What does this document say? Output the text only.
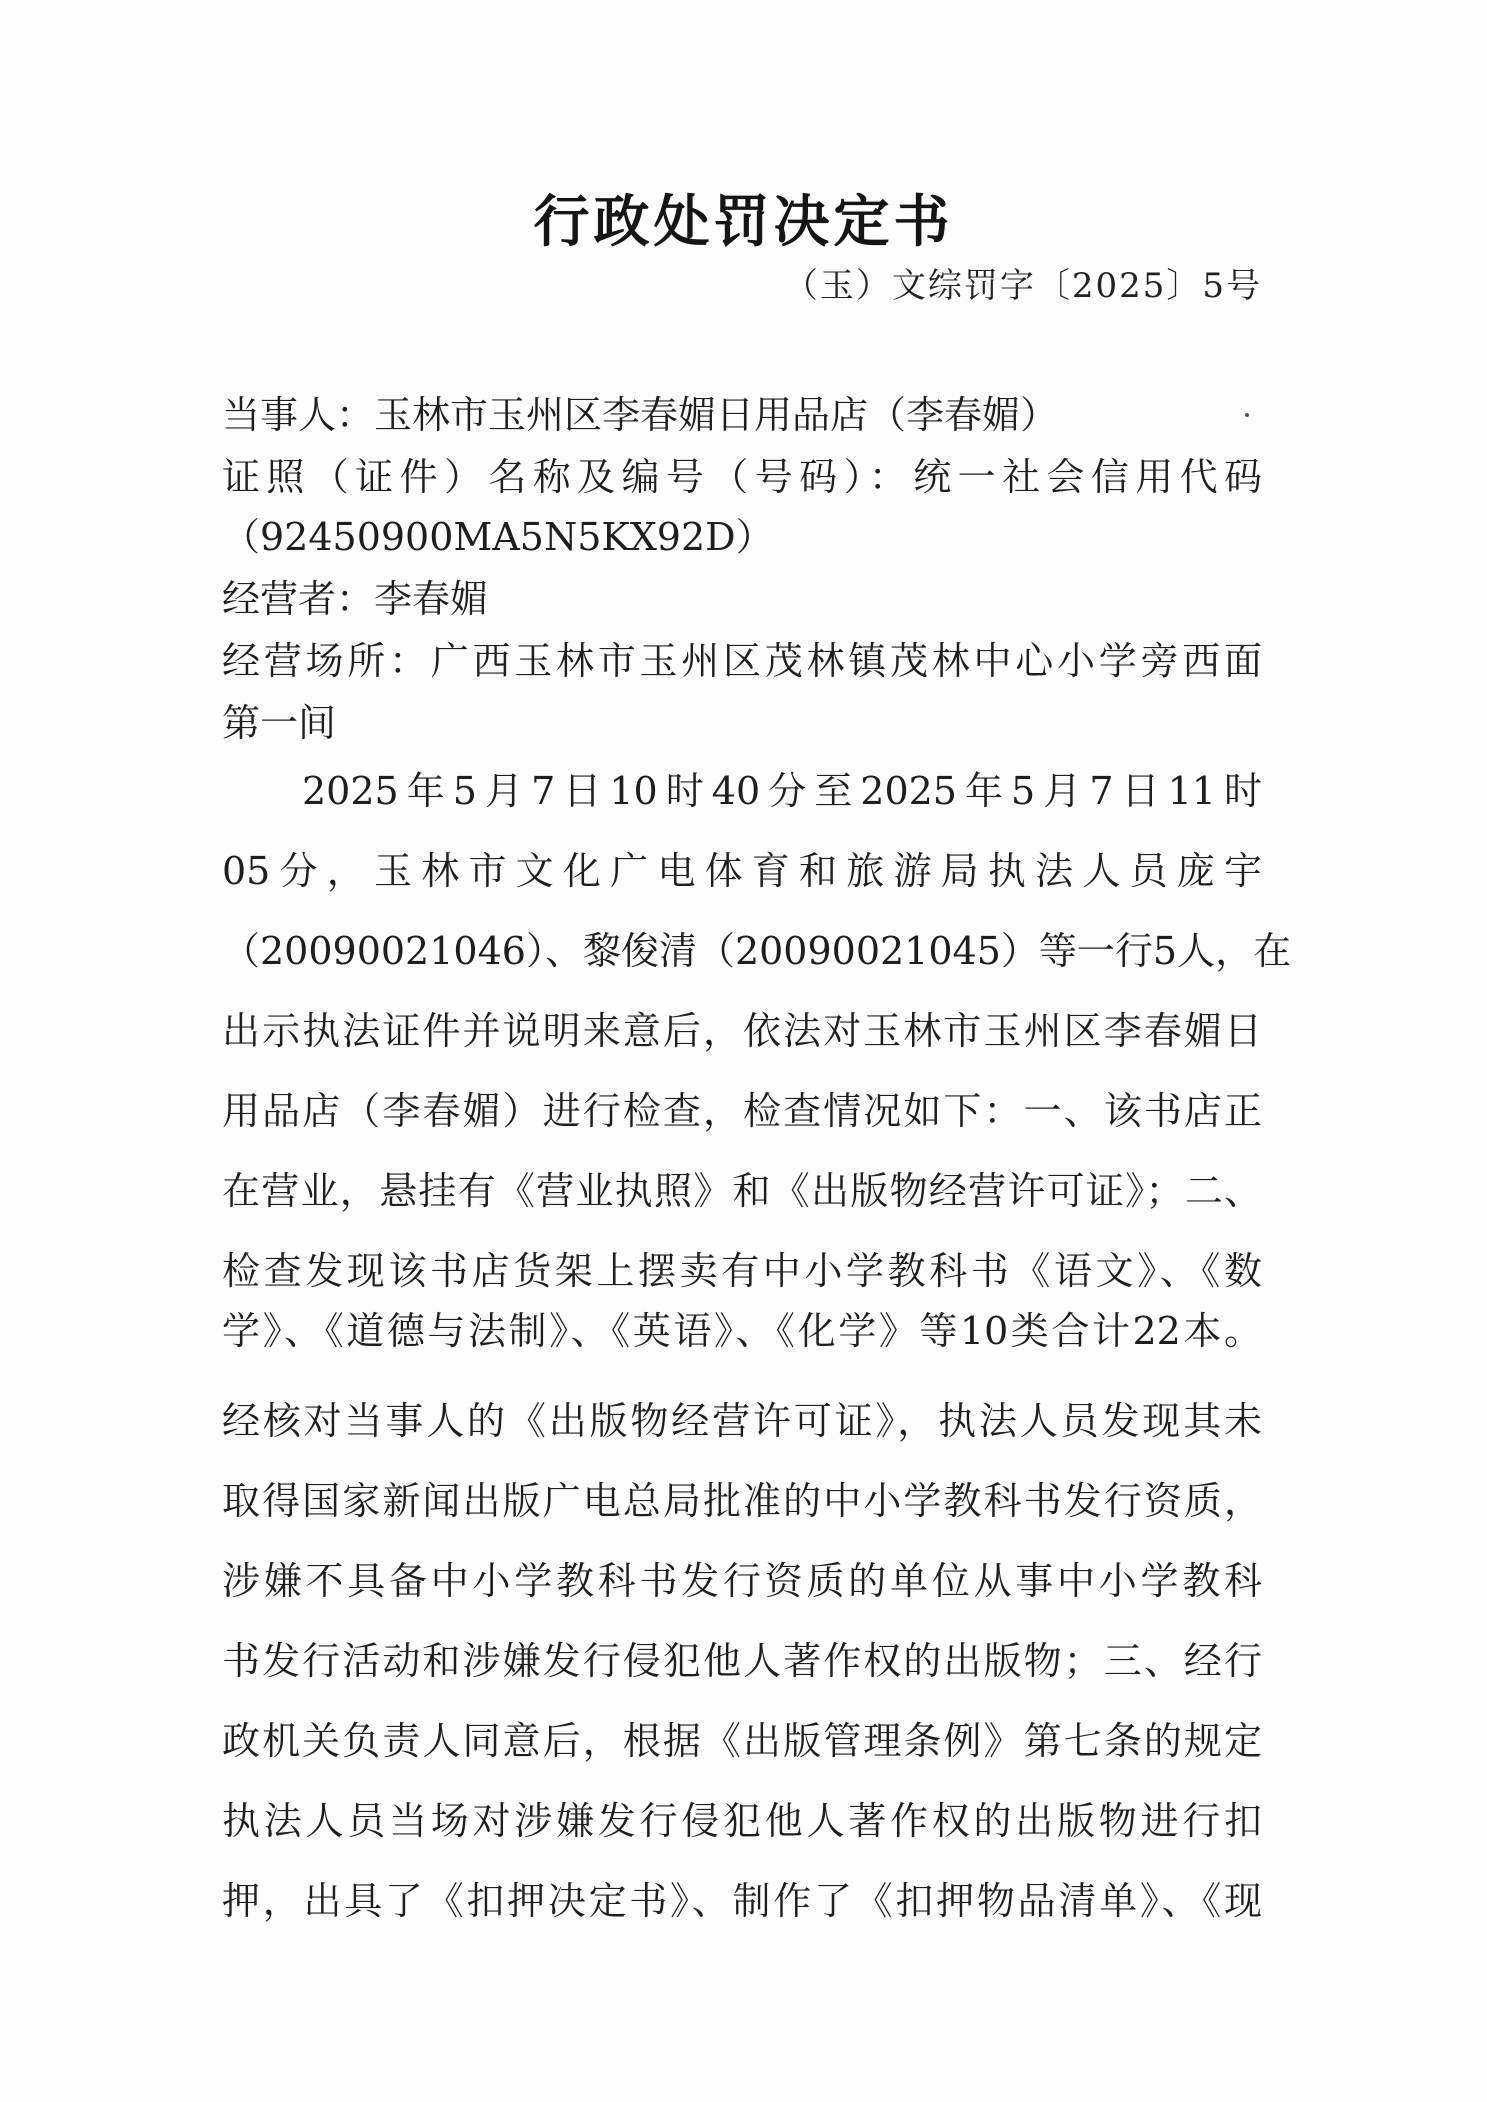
行政处罚决定书
（玉）文综罚字〔2025〕5号
当事人：玉林市玉州区李春媚日用品店（李春媚）
证照（证件）名称及编号（号码）：统一社会信用代码
（92450900MA5N5KX92D）
经营者：李春媚
经营场所：广西玉林市玉州区茂林镇茂林中心小学旁西面
第一间
2025年5月7日10时40分至2025年5月7日11时
05分，玉林市文化广电体育和旅游局执法人员庞宇
（20090021046）、黎俊清（20090021045）等一行5人，在
出示执法证件并说明来意后，依法对玉林市玉州区李春媚日
用品店（李春媚）进行检查，检查情况如下：一、该书店正
在营业，悬挂有《营业执照》和《出版物经营许可证》；二、
检查发现该书店货架上摆卖有中小学教科书《语文》、《数
学》、《道德与法制》、《英语》、《化学》等10类合计22本。
经核对当事人的《出版物经营许可证》，执法人员发现其未
取得国家新闻出版广电总局批准的中小学教科书发行资质，
涉嫌不具备中小学教科书发行资质的单位从事中小学教科
书发行活动和涉嫌发行侵犯他人著作权的出版物；三、经行
政机关负责人同意后，根据《出版管理条例》第七条的规定
执法人员当场对涉嫌发行侵犯他人著作权的出版物进行扣
押，出具了《扣押决定书》、制作了《扣押物品清单》、《现
